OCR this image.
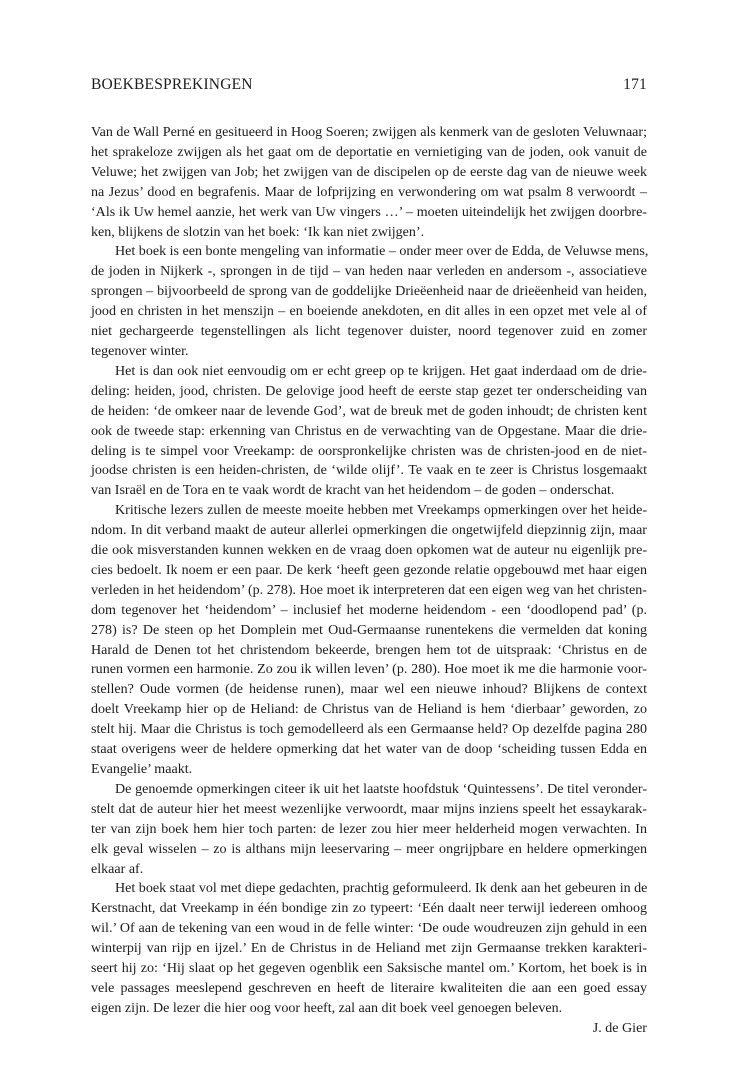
BOEKBESPREKINGEN	171
Van de Wall Perné en gesitueerd in Hoog Soeren; zwijgen als kenmerk van de gesloten Veluwnaar;
het sprakeloze zwijgen als het gaat om de deportatie en vernietiging van de joden, ook vanuit de
Veluwe; het zwijgen van Job; het zwijgen van de discipelen op de eerste dag van de nieuwe week
na Jezus’ dood en begrafenis. Maar de lofprijzing en verwondering om wat psalm 8 verwoordt –
‘Als ik Uw hemel aanzie, het werk van Uw vingers …’ – moeten uiteindelijk het zwijgen doorbre-
ken, blijkens de slotzin van het boek: ‘Ik kan niet zwijgen’.
Het boek is een bonte mengeling van informatie – onder meer over de Edda, de Veluwse mens,
de joden in Nijkerk -, sprongen in de tijd – van heden naar verleden en andersom -, associatieve
sprongen – bijvoorbeeld de sprong van de goddelijke Drieëenheid naar de drieëenheid van heiden,
jood en christen in het menszijn – en boeiende anekdoten, en dit alles in een opzet met vele al of
niet gechargeerde tegenstellingen als licht tegenover duister, noord tegenover zuid en zomer
tegenover winter.
Het is dan ook niet eenvoudig om er echt greep op te krijgen. Het gaat inderdaad om de drie-
deling: heiden, jood, christen. De gelovige jood heeft de eerste stap gezet ter onderscheiding van
de heiden: ‘de omkeer naar de levende God’, wat de breuk met de goden inhoudt; de christen kent
ook de tweede stap: erkenning van Christus en de verwachting van de Opgestane. Maar die drie-
deling is te simpel voor Vreekamp: de oorspronkelijke christen was de christen-jood en de niet-
joodse christen is een heiden-christen, de ‘wilde olijf’. Te vaak en te zeer is Christus losgemaakt
van Israël en de Tora en te vaak wordt de kracht van het heidendom – de goden – onderschat.
Kritische lezers zullen de meeste moeite hebben met Vreekamps opmerkingen over het heide-
ndom. In dit verband maakt de auteur allerlei opmerkingen die ongetwijfeld diepzinnig zijn, maar
die ook misverstanden kunnen wekken en de vraag doen opkomen wat de auteur nu eigenlijk pre-
cies bedoelt. Ik noem er een paar. De kerk ‘heeft geen gezonde relatie opgebouwd met haar eigen
verleden in het heidendom’ (p. 278). Hoe moet ik interpreteren dat een eigen weg van het christen-
dom tegenover het ‘heidendom’ – inclusief het moderne heidendom - een ‘doodlopend pad’ (p.
278) is? De steen op het Domplein met Oud-Germaanse runentekens die vermelden dat koning
Harald de Denen tot het christendom bekeerde, brengen hem tot de uitspraak: ‘Christus en de
runen vormen een harmonie. Zo zou ik willen leven’ (p. 280). Hoe moet ik me die harmonie voor-
stellen? Oude vormen (de heidense runen), maar wel een nieuwe inhoud? Blijkens de context
doelt Vreekamp hier op de Heliand: de Christus van de Heliand is hem ‘dierbaar’ geworden, zo
stelt hij. Maar die Christus is toch gemodelleerd als een Germaanse held? Op dezelfde pagina 280
staat overigens weer de heldere opmerking dat het water van de doop ‘scheiding tussen Edda en
Evangelie’ maakt.
De genoemde opmerkingen citeer ik uit het laatste hoofdstuk ‘Quintessens’. De titel veronder-
stelt dat de auteur hier het meest wezenlijke verwoordt, maar mijns inziens speelt het essaykarak-
ter van zijn boek hem hier toch parten: de lezer zou hier meer helderheid mogen verwachten. In
elk geval wisselen – zo is althans mijn leeservaring – meer ongrijpbare en heldere opmerkingen
elkaar af.
Het boek staat vol met diepe gedachten, prachtig geformuleerd. Ik denk aan het gebeuren in de
Kerstnacht, dat Vreekamp in één bondige zin zo typeert: ‘Eén daalt neer terwijl iedereen omhoog
wil.’ Of aan de tekening van een woud in de felle winter: ‘De oude woudreuzen zijn gehuld in een
winterpij van rijp en ijzel.’ En de Christus in de Heliand met zijn Germaanse trekken karakteri-
seert hij zo: ‘Hij slaat op het gegeven ogenblik een Saksische mantel om.’ Kortom, het boek is in
vele passages meeslepend geschreven en heeft de literaire kwaliteiten die aan een goed essay
eigen zijn. De lezer die hier oog voor heeft, zal aan dit boek veel genoegen beleven.
J. de Gier
